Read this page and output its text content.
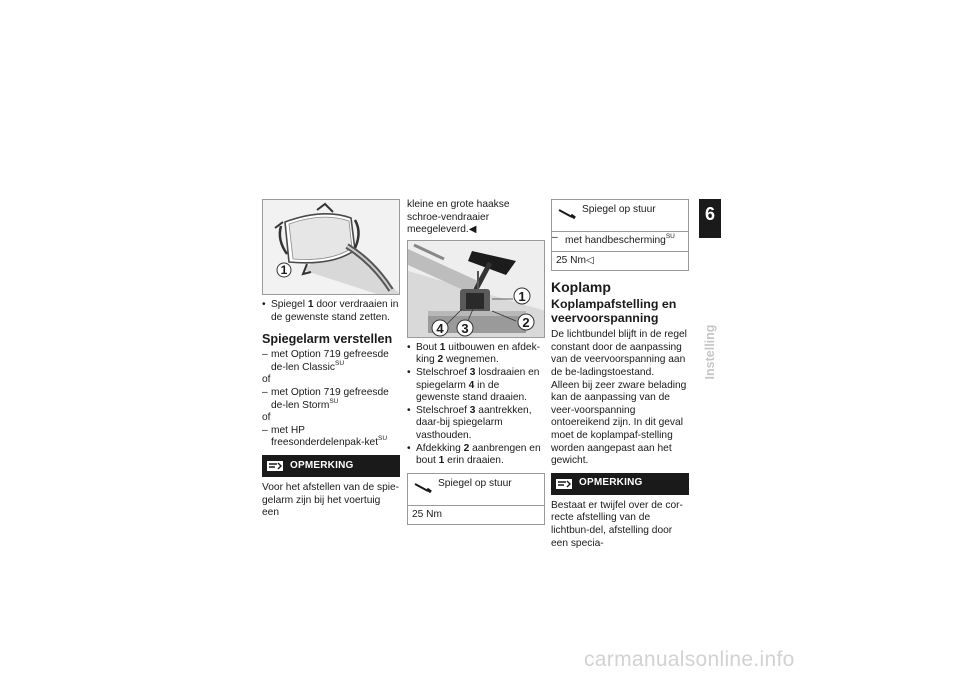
1
• Spiegel 1 door verdraaien in de gewenste stand zetten.
Spiegelarm verstellen
– met Option 719 gefreesde de-len Classic$^{SU}$
of
– met Option 719 gefreesde de-len Storm$^{SU}$
of
– met HP freesonderdelenpak-ket$^{SU}$
OPMERKING
Voor het afstellen van de spie-gelarm zijn bij het voertuig een
kleine en grote haakse schroe-vendraaier meegeleverd.◀
1
2
3
4
• Bout 1 uitbouwen en afdek-king 2 wegnemen.
• Stelschroef 3 losdraaien en spiegelarm 4 in de gewenste stand draaien.
• Stelschroef 3 aantrekken, daar-bij spiegelarm vasthouden.
• Afdekking 2 aanbrengen en bout 1 erin draaien.
Spiegel op stuur
25 Nm
Spiegel op stuur
– met handbescherming$^{SU}$
25 Nm◁
Koplamp
Koplampafstelling en veervoorspanning
De lichtbundel blijft in de regel constant door de aanpassing van de veervoorspanning aan de be-ladingstoestand.
Alleen bij zeer zware belading kan de aanpassing van de veer-voorspanning ontoereikend zijn. In dit geval moet de koplampaf-stelling worden aangepast aan het gewicht.
OPMERKING
Bestaat er twijfel over de cor-recte afstelling van de lichtbun-del, afstelling door een specia-
6
127
Instelling
carmanualsonline.info
